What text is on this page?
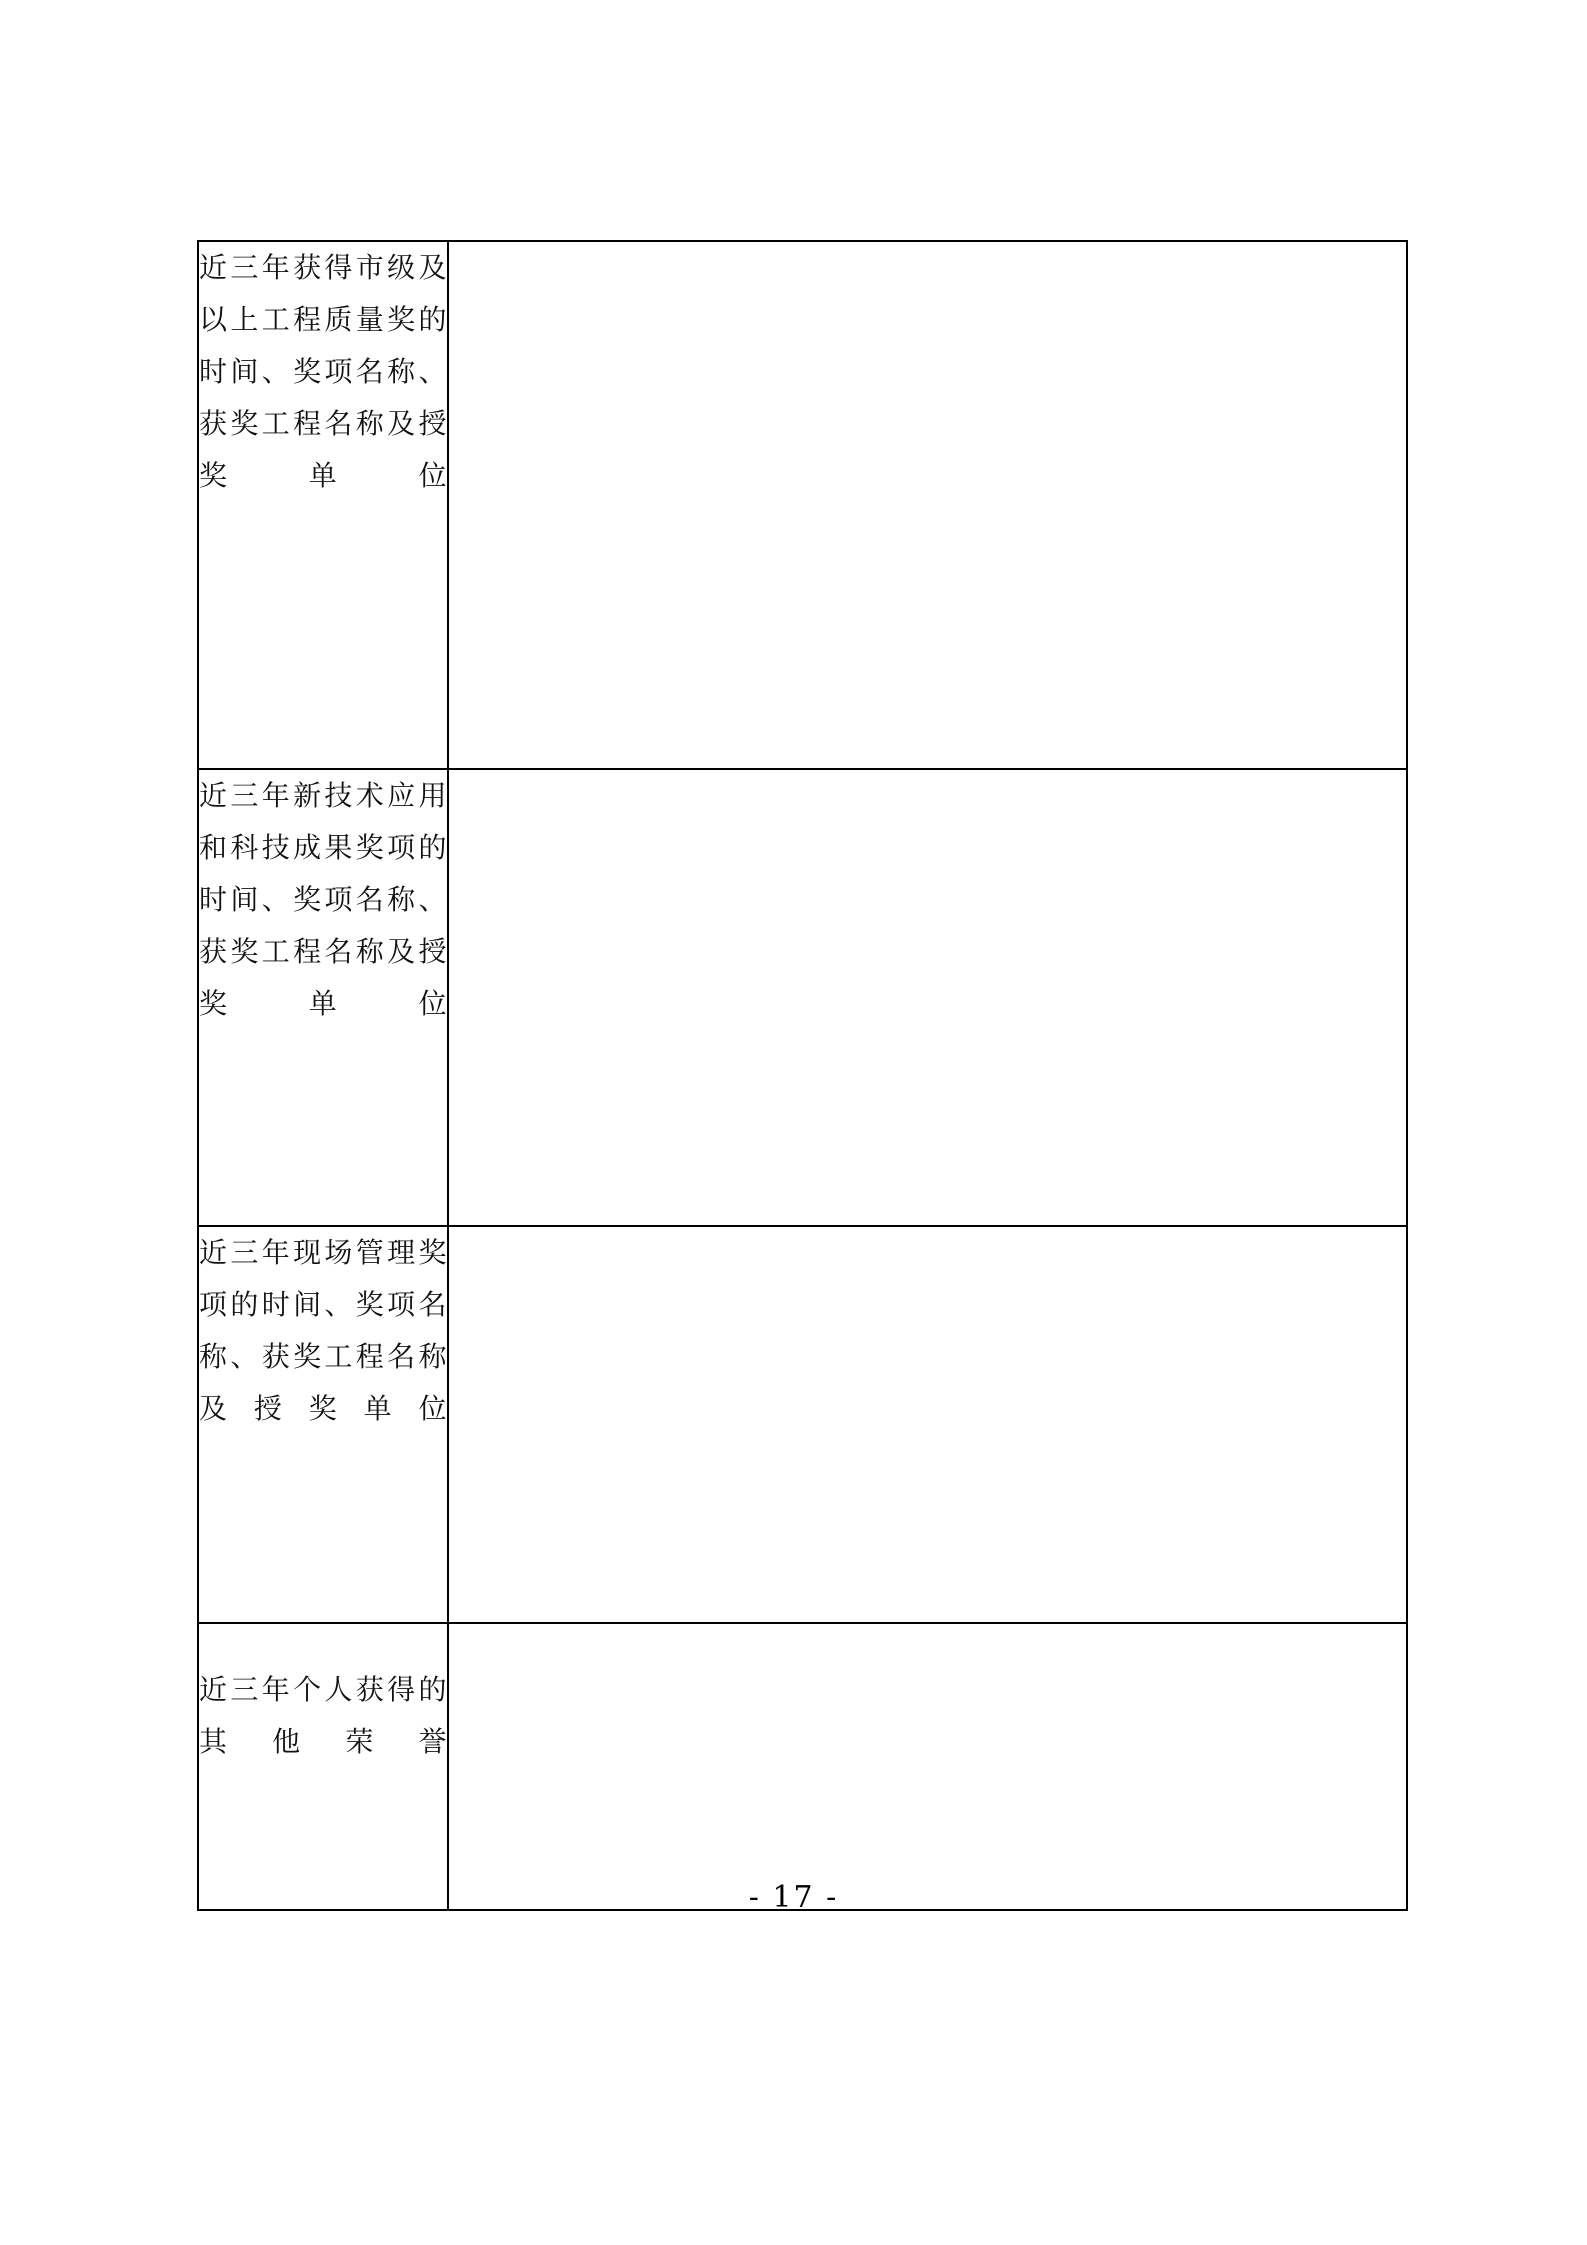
近三年获得市级及以上工程质量奖的时间、奖项名称、获奖工程名称及授奖单位	

近三年新技术应用和科技成果奖项的时间、奖项名称、获奖工程名称及授奖单位	

近三年现场管理奖项的时间、奖项名称、获奖工程名称及授奖单位	

近三年个人获得的其他荣誉	

- 17 -
